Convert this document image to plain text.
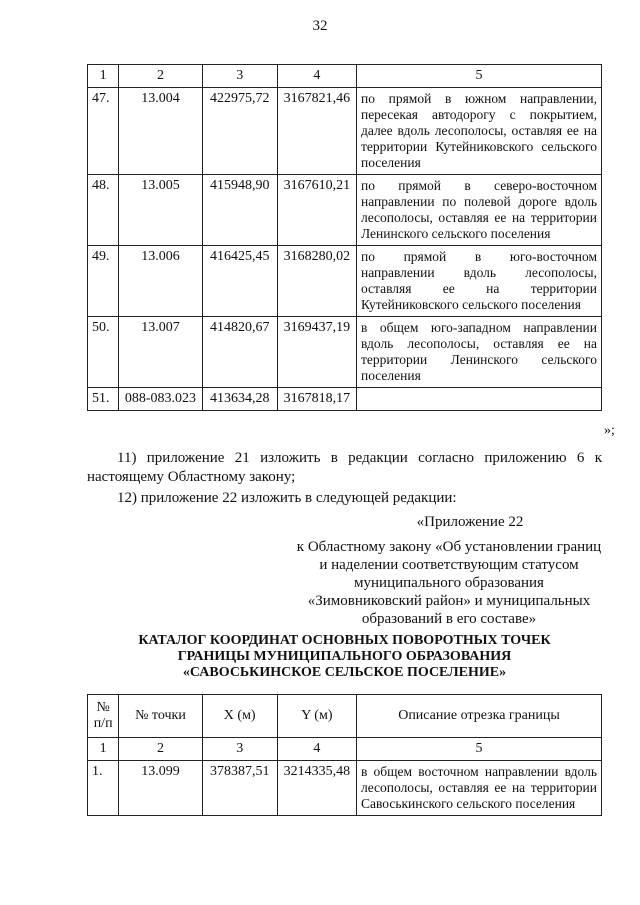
32
1	2	3	4	5
47.	13.004	422975,72	3167821,46	по прямой в южном направлении, пересекая автодорогу с покрытием, далее вдоль лесополосы, оставляя ее на территории Кутейниковского сельского поселения
48.	13.005	415948,90	3167610,21	по прямой в северо-восточном направлении по полевой дороге вдоль лесополосы, оставляя ее на территории Ленинского сельского поселения
49.	13.006	416425,45	3168280,02	по прямой в юго-восточном направлении вдоль лесополосы, оставляя ее на территории Кутейниковского сельского поселения
50.	13.007	414820,67	3169437,19	в общем юго-западном направлении вдоль лесополосы, оставляя ее на территории Ленинского сельского поселения
51.	088-083.023	413634,28	3167818,17	
»;
11) приложение 21 изложить в редакции согласно приложению 6 к настоящему Областному закону;
12) приложение 22 изложить в следующей редакции:
«Приложение 22
к Областному закону «Об установлении границ и наделении соответствующим статусом муниципального образования «Зимовниковский район» и муниципальных образований в его составе»
КАТАЛОГ КООРДИНАТ ОСНОВНЫХ ПОВОРОТНЫХ ТОЧЕК
ГРАНИЦЫ МУНИЦИПАЛЬНОГО ОБРАЗОВАНИЯ
«САВОСЬКИНСКОЕ СЕЛЬСКОЕ ПОСЕЛЕНИЕ»
№ п/п	№ точки	X (м)	Y (м)	Описание отрезка границы
1	2	3	4	5
1.	13.099	378387,51	3214335,48	в общем восточном направлении вдоль лесополосы, оставляя ее на территории Савоськинского сельского поселения
